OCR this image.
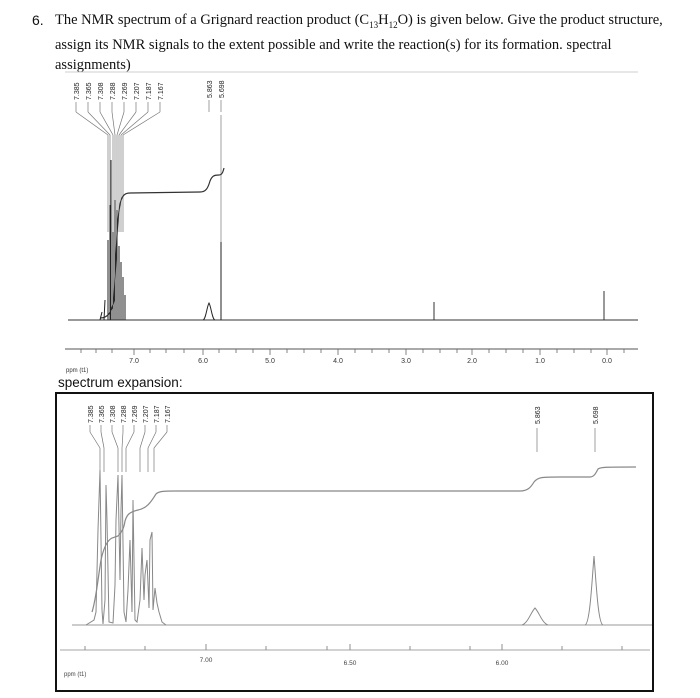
6. The NMR spectrum of a Grignard reaction product $(C_{13}H_{12}O)$ is given below. Give the product structure,
assign its NMR signals to the extent possible and write the reaction(s) for its formation. spectral
assignments)
spectrum expansion:
7.385 7.365 7.308 7.288 7.269 7.207 7.187 7.167	5.863 5.698
7.0	6.0	5.0	4.0	3.0	2.0	1.0	0.0
ppm (t1)
7.385 7.365 7.308 7.288 7.269 7.207 7.187 7.167	5.863	5.698
7.00	6.50	6.00
ppm (t1)
